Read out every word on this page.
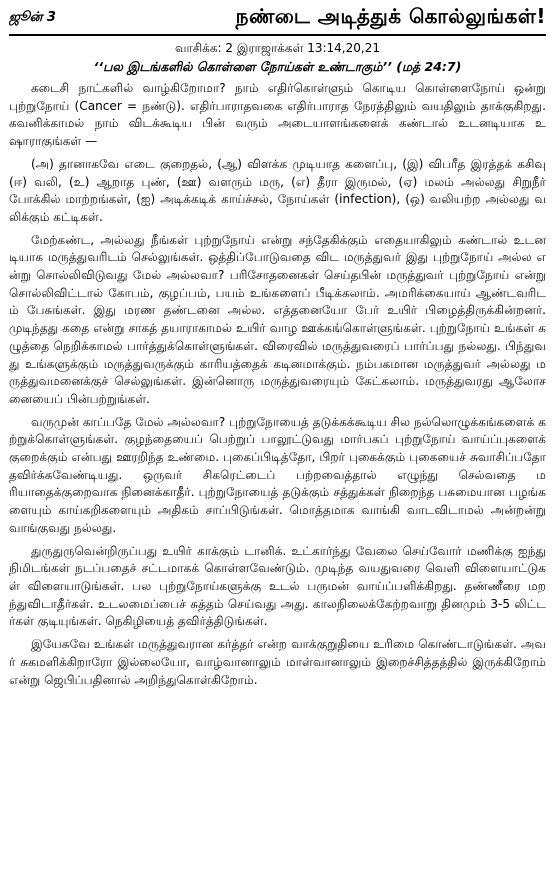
ஜூன் 3	நண்டை அடித்துக் கொல்லுங்கள்!
வாசிக்க: 2 இராஜாக்கள் 13:14,20,21
‘‘பல இடங்களில் கொள்ளை நோய்கள் உண்டாகும்’’ (மத் 24:7)

கடைசி நாட்களில் வாழ்கிறோமா? நாம் எதிர்கொள்ளும் கொடிய கொள்ளைநோய் ஒன்று புற்றுநோய் (Cancer = நண்டு). எதிர்பாராதவகை எதிர்பாராத நேரத்திலும் வயதிலும் தாக்குகிறது. கவனிக்காமல் நாம் விடக்கூடிய பின் வரும் அடையாளங்களைக் கண்டால் உடனடியாக உஷாராகுங்கள் —

(அ) தானாகவே எடை குறைதல், (ஆ) விளக்க முடியாத களைப்பு, (இ) விபரீத இரத்தக் கசிவு (ஈ) வலி, (உ) ஆறாத புண், (ஊ) வளரும் மரு, (எ) தீரா இருமல், (ஏ) மலம் அல்லது சிறுநீர் போக்கில் மாற்றங்கள், (ஐ) அடிக்கடிக் காய்ச்சல், நோய்கள் (infection), (ஒ) வலியற்ற அல்லது வலிக்கும் கட்டிகள்.

மேற்கண்ட, அல்லது நீங்கள் புற்றுநோய் என்று சந்தேகிக்கும் எதையாகிலும் கண்டால் உடனடியாக மருத்துவரிடம் செல்லுங்கள். ஒத்திப்போடுவதை விட மருத்துவர் இது புற்றுநோய் அல்ல என்று சொல்லிவிடுவது மேல் அல்லவா? பரிசோதனைகள் செய்தபின் மருத்துவர் புற்றுநோய் என்று சொல்லிவிட்டால் கோபம், குழப்பம், பயம் உங்களைப் பீடிக்கலாம். அமரிக்கையாய் ஆண்டவரிடம் பேசுங்கள். இது மரண தண்டனை அல்ல. எத்தனையோ பேர் உயிர் பிழைத்திருக்கின்றனர். முடிந்தது கதை என்று சாகத் தயாராகாமல் உயிர் வாழ ஊக்கங்கொள்ளுங்கள். புற்றுநோய் உங்கள் கழுத்தை நெறிக்காமல் பார்த்துக்கொள்ளுங்கள். விரைவில் மருத்துவரைப் பார்ப்பது நல்லது. பிந்துவது உங்களுக்கும் மருத்துவருக்கும் காரியத்தைக் கடினமாக்கும். நம்பகமான மருத்துவர் அல்லது மருத்துவமனைக்குச் செல்லுங்கள். இன்னொரு மருத்துவரையும் கேட்கலாம். மருத்துவரது ஆலோசனையைப் பின்பற்றுங்கள்.

வருமுன் காப்பதே மேல் அல்லவா? புற்றுநோயைத் தடுக்கக்கூடிய சில நல்லொழுக்கங்களைக் கற்றுக்கொள்ளுங்கள். குழந்தையைப் பெற்றுப் பாலூட்டுவது மார்பகப் புற்றுநோய் வாய்ப்புகளைக் குறைக்கும் என்பது ஊரறிந்த உண்மை. புகைப்பிடித்தோ, பிறர் புகைக்கும் புகையைச் சுவாசிப்பதோ தவிர்க்கவேண்டியது. ஒருவர் சிகரெட்டைப் பற்றவைத்தால் எழுந்து செல்வதை மரியாதைக்குறைவாக நினைக்காதீர். புற்றுநோயைத் தடுக்கும் சத்துக்கள் நிறைந்த பசுமையான பழங்களையும் காய்கறிகளையும் அதிகம் சாப்பிடுங்கள். மொத்தமாக வாங்கி வாடவிடாமல் அன்றன்று வாங்குவது நல்லது.

துருதுருவென்றிருப்பது உயிர் காக்கும் டானிக். உட்கார்ந்து வேலை செய்வோர் மணிக்கு ஐந்து நிமிடங்கள் நடப்பதைச் சட்டமாகக் கொள்ளவேண்டும். முடிந்த வயதுவரை வெளி விளையாட்டுகள் விளையாடுங்கள். பல புற்றுநோய்களுக்கு உடல் பருமன் வாய்ப்பளிக்கிறது. தண்ணீரை மறந்துவிடாதீர்கள். உடலமைப்பைச் சுத்தம் செய்வது அது. காலநிலைக்கேற்றவாறு தினமும் 3-5 லிட்டர்கள் குடியுங்கள். நெகிழியைத் தவிர்த்திடுங்கள்.

இயேசுவே உங்கள் மருத்துவரான கர்த்தர் என்ற வாக்குறுதியை உரிமை கொண்டாடுங்கள். அவர் சுகமளிக்கிறாரோ இல்லையோ, வாழ்வானாலும் மாள்வானாலும் இறைச்சித்தத்தில் இருக்கிறோம் என்று ஜெபிப்பதினால் அறிந்துகொள்கிறோம்.
